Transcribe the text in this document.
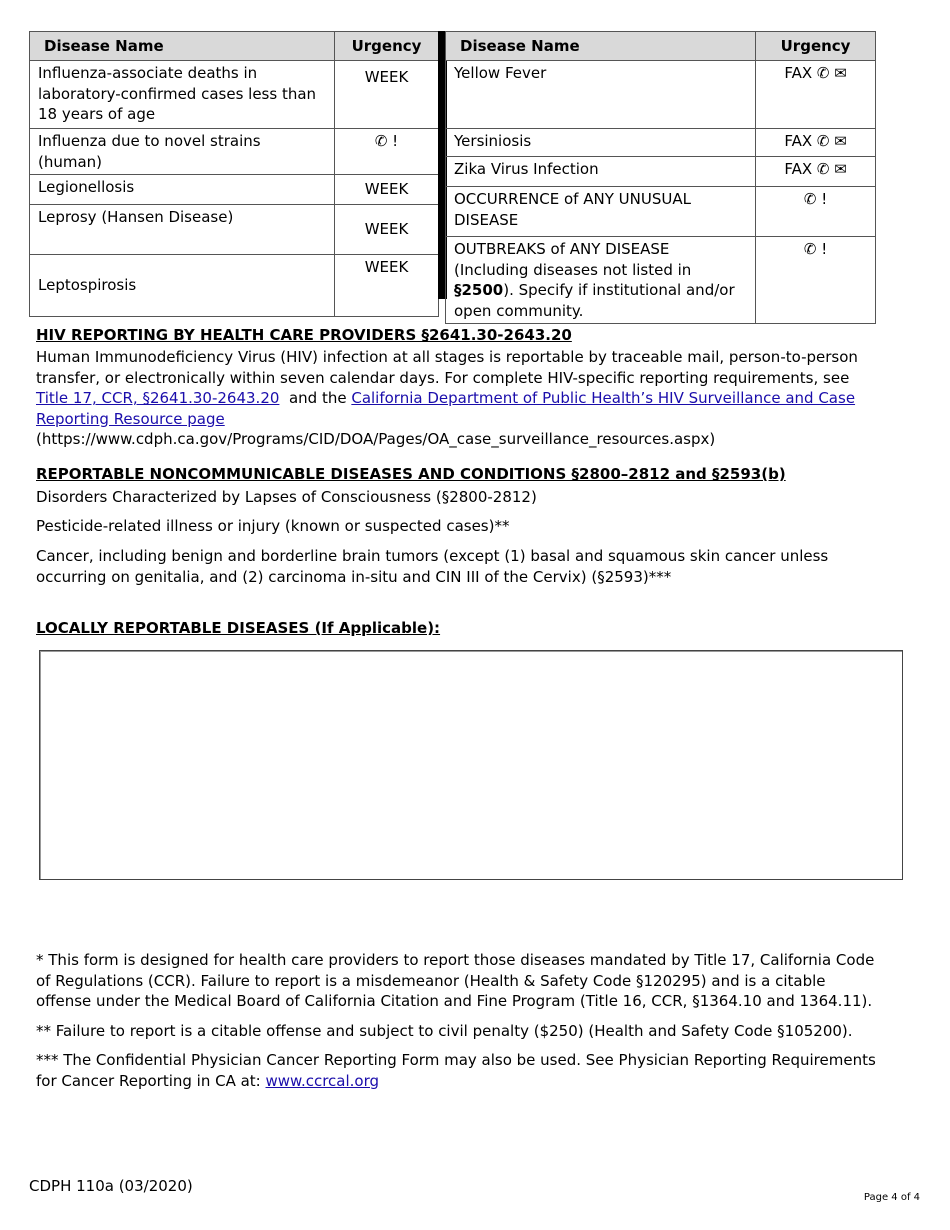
Disease Name	Urgency
Influenza-associate deaths in laboratory-confirmed cases less than 18 years of age	WEEK
Influenza due to novel strains (human)	✆ !
Legionellosis	WEEK
Leprosy (Hansen Disease)	WEEK
Leptospirosis	WEEK
Disease Name	Urgency
Yellow Fever	FAX ✆ ✉
Yersiniosis	FAX ✆ ✉
Zika Virus Infection	FAX ✆ ✉
OCCURRENCE of ANY UNUSUAL DISEASE	✆ !
OUTBREAKS of ANY DISEASE (Including diseases not listed in §2500). Specify if institutional and/or open community.	✆ !
HIV REPORTING BY HEALTH CARE PROVIDERS §2641.30-2643.20
Human Immunodeficiency Virus (HIV) infection at all stages is reportable by traceable mail, person-to-person transfer, or electronically within seven calendar days. For complete HIV-specific reporting requirements, see Title 17, CCR, §2641.30-2643.20  and the California Department of Public Health’s HIV Surveillance and Case Reporting Resource page (https://www.cdph.ca.gov/Programs/CID/DOA/Pages/OA_case_surveillance_resources.aspx)
REPORTABLE NONCOMMUNICABLE DISEASES AND CONDITIONS §2800–2812 and §2593(b)
Disorders Characterized by Lapses of Consciousness (§2800-2812)
Pesticide-related illness or injury (known or suspected cases)**
Cancer, including benign and borderline brain tumors (except (1) basal and squamous skin cancer unless occurring on genitalia, and (2) carcinoma in-situ and CIN III of the Cervix) (§2593)***
LOCALLY REPORTABLE DISEASES (If Applicable):
* This form is designed for health care providers to report those diseases mandated by Title 17, California Code of Regulations (CCR). Failure to report is a misdemeanor (Health & Safety Code §120295) and is a citable offense under the Medical Board of California Citation and Fine Program (Title 16, CCR, §1364.10 and 1364.11).
** Failure to report is a citable offense and subject to civil penalty ($250) (Health and Safety Code §105200).
*** The Confidential Physician Cancer Reporting Form may also be used. See Physician Reporting Requirements for Cancer Reporting in CA at: www.ccrcal.org
CDPH 110a (03/2020)
Page 4 of 4
